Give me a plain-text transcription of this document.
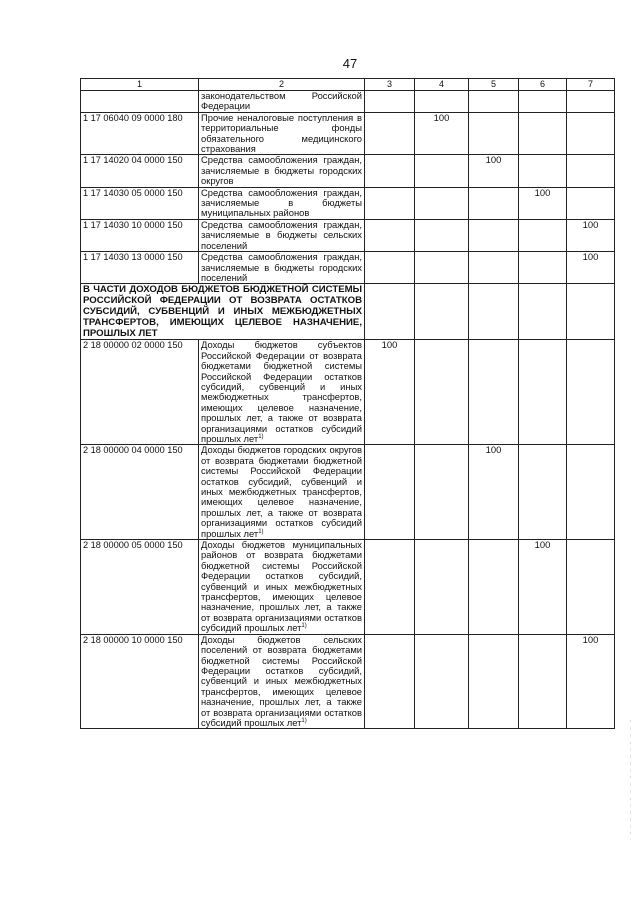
47
1	2	3	4	5	6	7
	законодательством Российской Федерации					
1 17 06040 09 0000 180	Прочие неналоговые поступления в территориальные фонды обязательного медицинского страхования		100			
1 17 14020 04 0000 150	Средства самообложения граждан, зачисляемые в бюджеты городских округов			100		
1 17 14030 05 0000 150	Средства самообложения граждан, зачисляемые в бюджеты муниципальных районов				100	
1 17 14030 10 0000 150	Средства самообложения граждан, зачисляемые в бюджеты сельских поселений					100
1 17 14030 13 0000 150	Средства самообложения граждан, зачисляемые в бюджеты городских поселений					100
В ЧАСТИ ДОХОДОВ БЮДЖЕТОВ БЮДЖЕТНОЙ СИСТЕМЫ РОССИЙСКОЙ ФЕДЕРАЦИИ ОТ ВОЗВРАТА ОСТАТКОВ СУБСИДИЙ, СУБВЕНЦИЙ И ИНЫХ МЕЖБЮДЖЕТНЫХ ТРАНСФЕРТОВ, ИМЕЮЩИХ ЦЕЛЕВОЕ НАЗНАЧЕНИЕ, ПРОШЛЫХ ЛЕТ						
2 18 00000 02 0000 150	Доходы бюджетов субъектов Российской Федерации от возврата бюджетами бюджетной системы Российской Федерации остатков субсидий, субвенций и иных межбюджетных трансфертов, имеющих целевое назначение, прошлых лет, а также от возврата организациями остатков субсидий прошлых лет$^{1)}$	100				
2 18 00000 04 0000 150	Доходы бюджетов городских округов от возврата бюджетами бюджетной системы Российской Федерации остатков субсидий, субвенций и иных межбюджетных трансфертов, имеющих целевое назначение, прошлых лет, а также от возврата организациями остатков субсидий прошлых лет$^{1)}$			100		
2 18 00000 05 0000 150	Доходы бюджетов муниципальных районов от возврата бюджетами бюджетной системы Российской Федерации остатков субсидий, субвенций и иных межбюджетных трансфертов, имеющих целевое назначение, прошлых лет, а также от возврата организациями остатков субсидий прошлых лет$^{1)}$				100	
2 18 00000 10 0000 150	Доходы бюджетов сельских поселений от возврата бюджетами бюджетной системы Российской Федерации остатков субсидий, субвенций и иных межбюджетных трансфертов, имеющих целевое назначение, прошлых лет, а также от возврата организациями остатков субсидий прошлых лет$^{1)}$					100
